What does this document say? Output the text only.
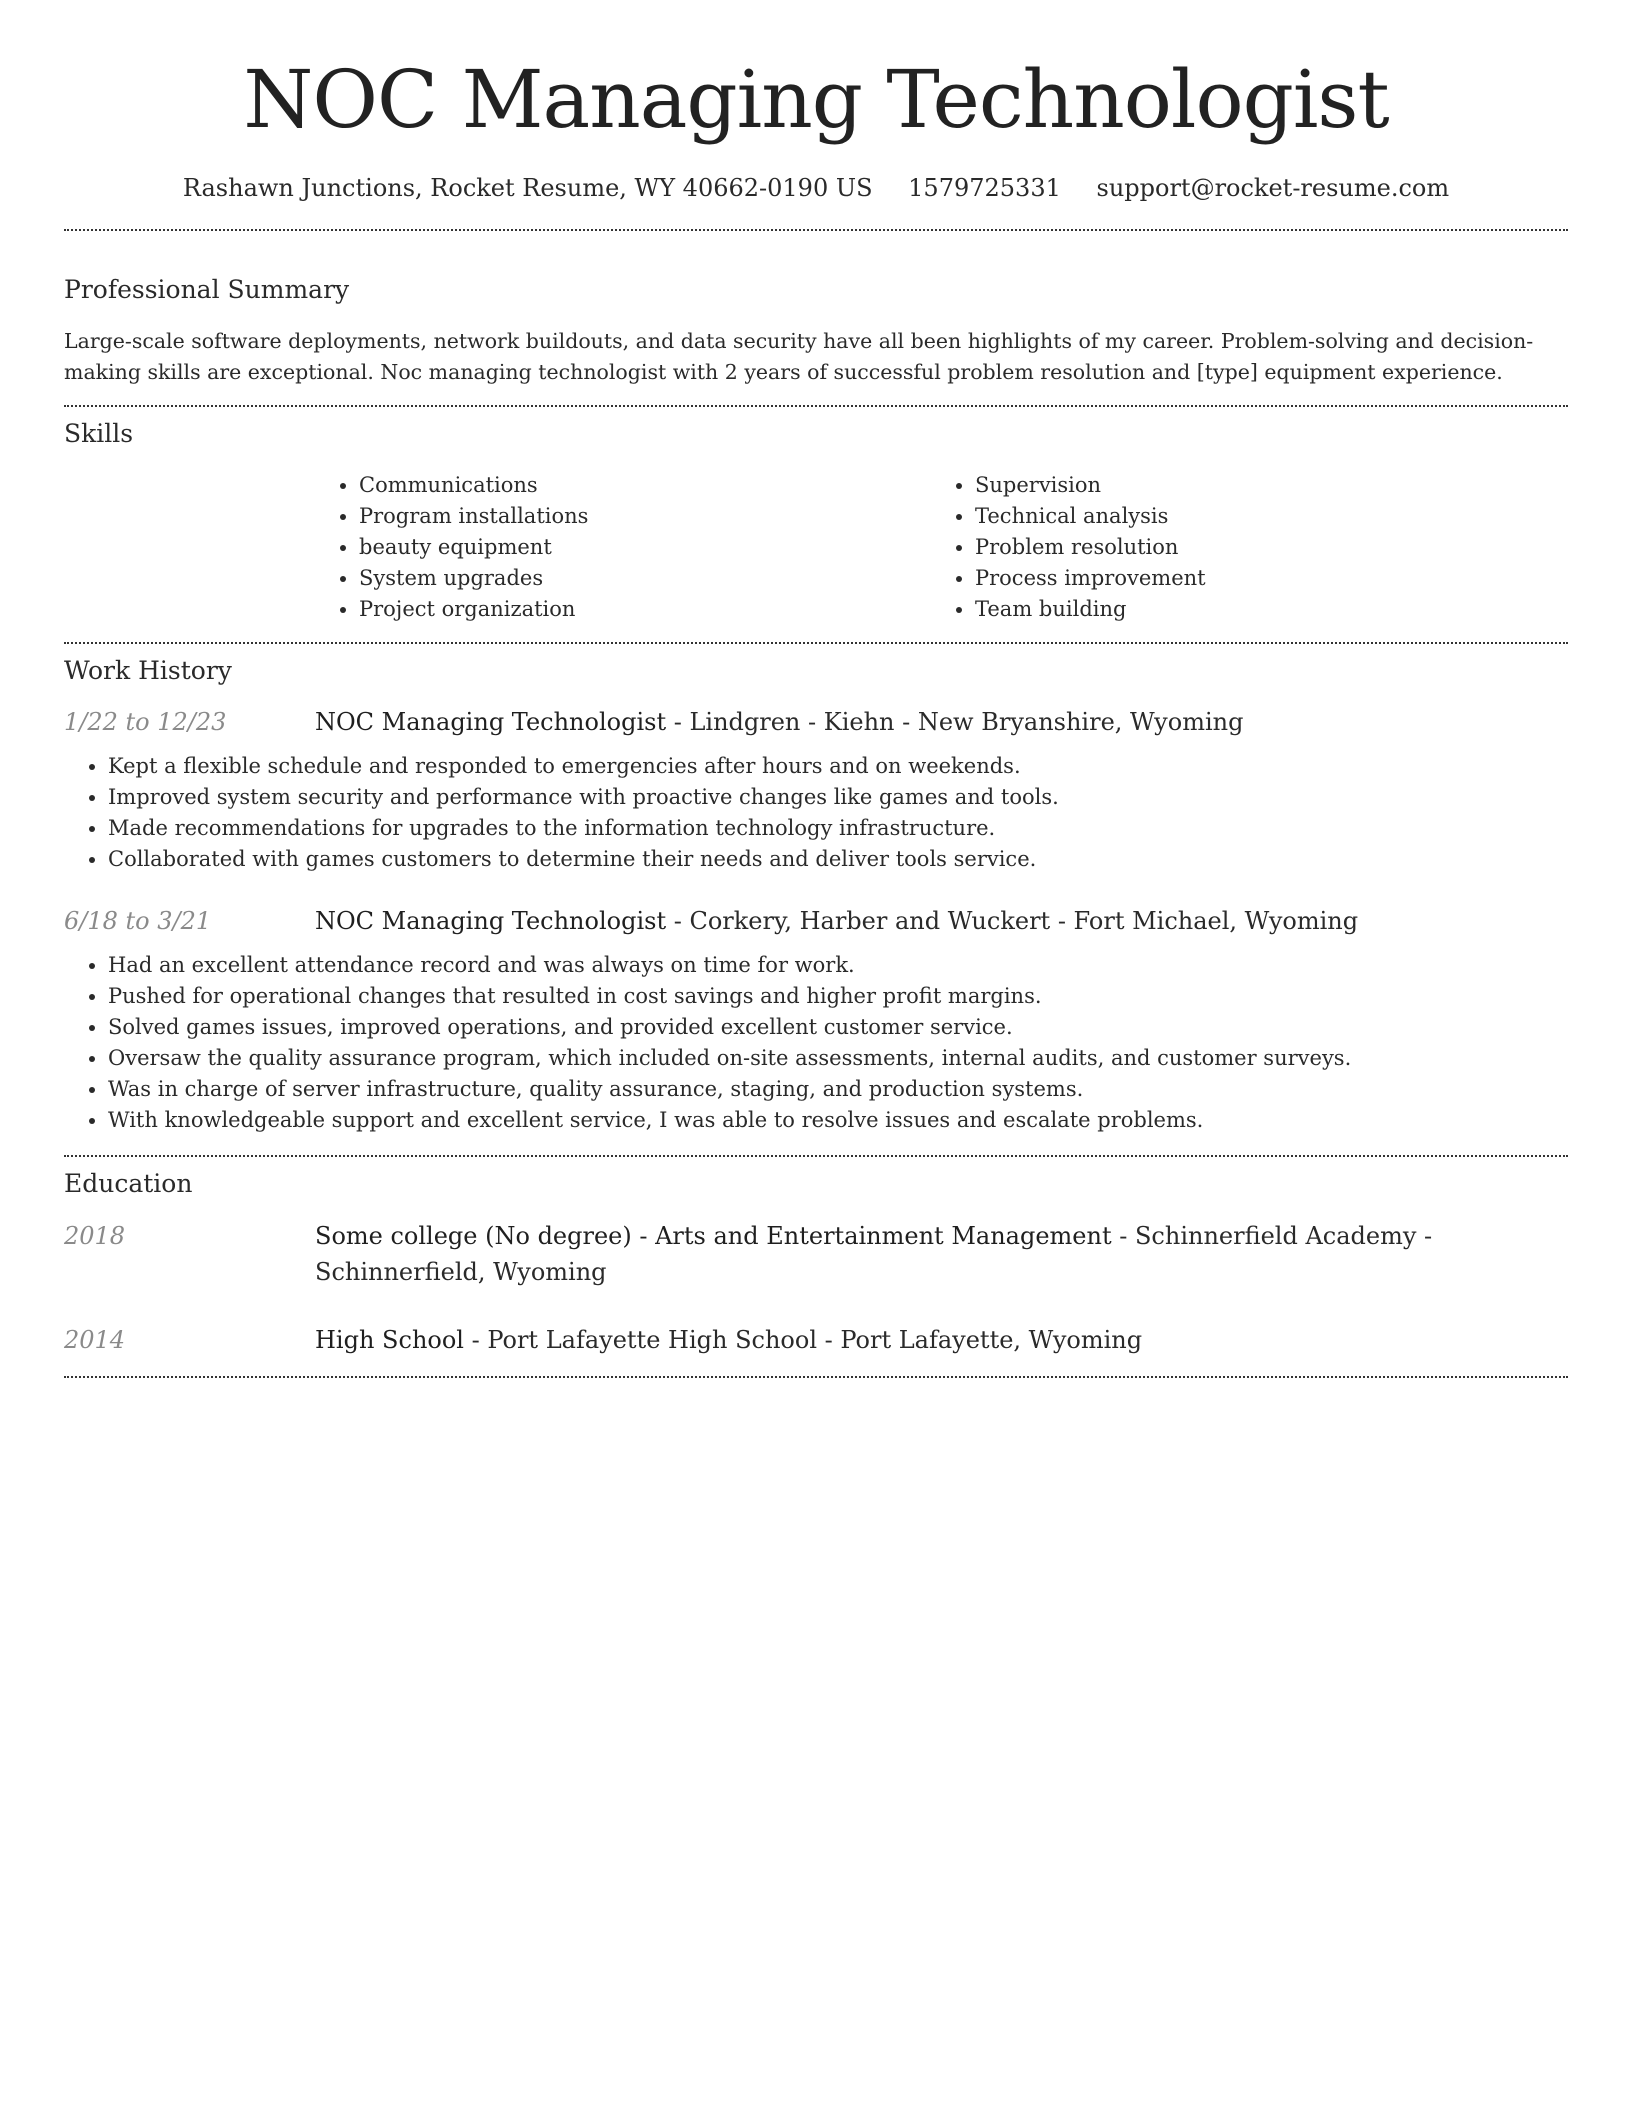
NOC Managing Technologist
Rashawn Junctions, Rocket Resume, WY 40662-0190 US 1579725331 support@rocket-resume.com
Professional Summary

Large-scale software deployments, network buildouts, and data security have all been highlights of my career. Problem-solving and decision-making skills are exceptional. Noc managing technologist with 2 years of successful problem resolution and [type] equipment experience.

Skills
• Communications
• Program installations
• beauty equipment
• System upgrades
• Project organization
• Supervision
• Technical analysis
• Problem resolution
• Process improvement
• Team building
Work History
1/22 to 12/23	NOC Managing Technologist - Lindgren - Kiehn - New Bryanshire, Wyoming
• Kept a flexible schedule and responded to emergencies after hours and on weekends.
• Improved system security and performance with proactive changes like games and tools.
• Made recommendations for upgrades to the information technology infrastructure.
• Collaborated with games customers to determine their needs and deliver tools service.
6/18 to 3/21	NOC Managing Technologist - Corkery, Harber and Wuckert - Fort Michael, Wyoming
• Had an excellent attendance record and was always on time for work.
• Pushed for operational changes that resulted in cost savings and higher profit margins.
• Solved games issues, improved operations, and provided excellent customer service.
• Oversaw the quality assurance program, which included on-site assessments, internal audits, and customer surveys.
• Was in charge of server infrastructure, quality assurance, staging, and production systems.
• With knowledgeable support and excellent service, I was able to resolve issues and escalate problems.
Education
2018	Some college (No degree) - Arts and Entertainment Management - Schinnerfield Academy - Schinnerfield, Wyoming
2014	High School - Port Lafayette High School - Port Lafayette, Wyoming
